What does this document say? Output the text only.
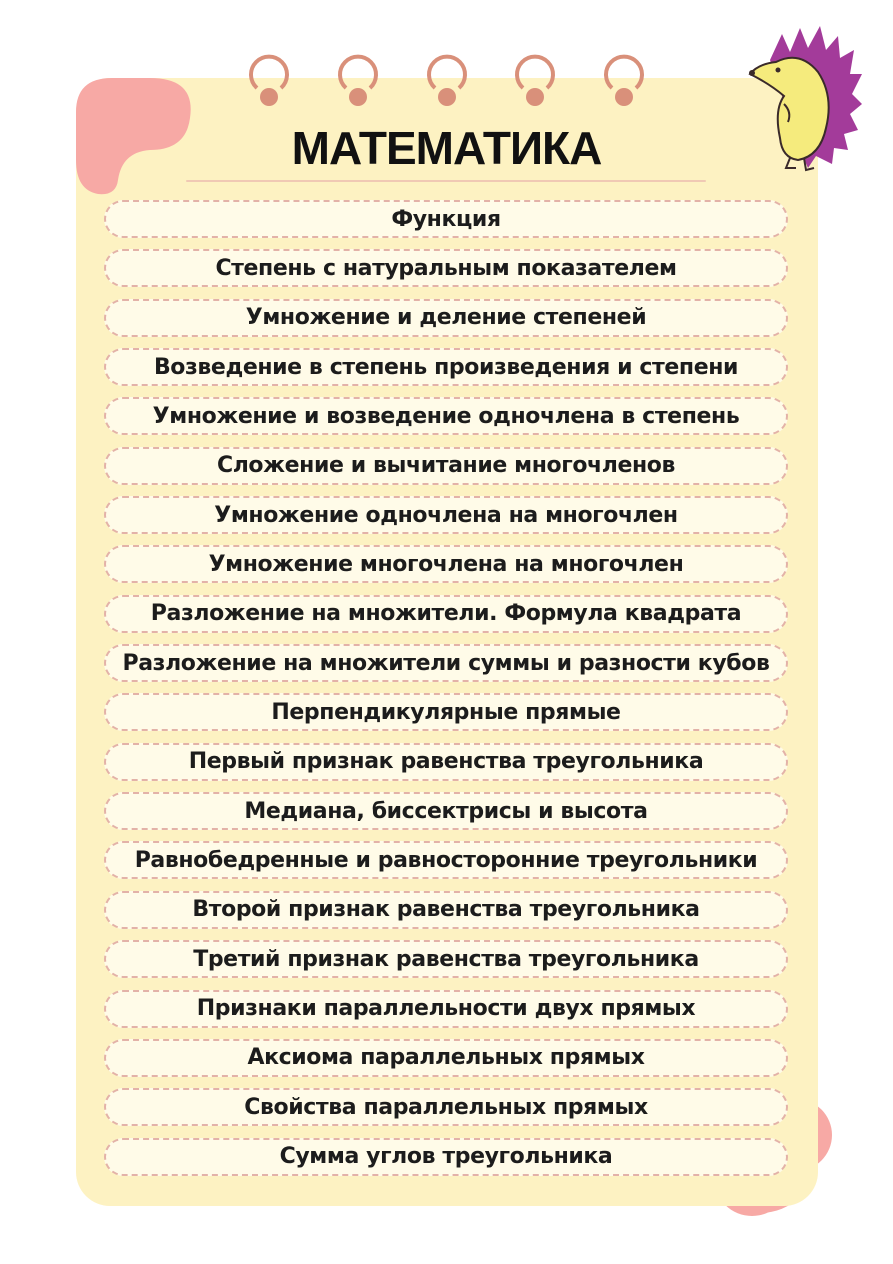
МАТЕМАТИКА
Функция
Степень с натуральным показателем
Умножение и деление степеней
Возведение в степень произведения и степени
Умножение и возведение одночлена в степень
Сложение и вычитание многочленов
Умножение одночлена на многочлен
Умножение многочлена на многочлен
Разложение на множители. Формула квадрата
Разложение на множители суммы и разности кубов
Перпендикулярные прямые
Первый признак равенства треугольника
Медиана, биссектрисы и высота
Равнобедренные и равносторонние треугольники
Второй признак равенства треугольника
Третий признак равенства треугольника
Признаки параллельности двух прямых
Аксиома параллельных прямых
Свойства параллельных прямых
Сумма углов треугольника
